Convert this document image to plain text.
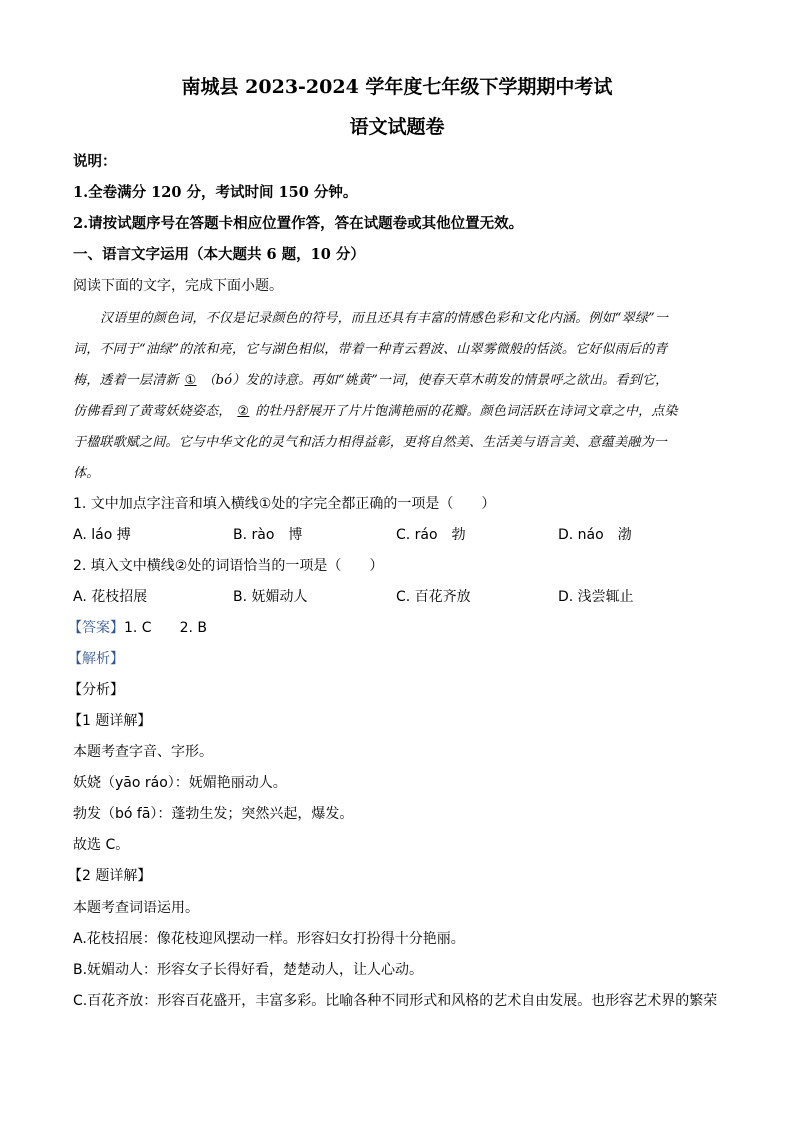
南城县 2023-2024 学年度七年级下学期期中考试
语文试题卷
说明：
1.全卷满分 120 分，考试时间 150 分钟。
2.请按试题序号在答题卡相应位置作答，答在试题卷或其他位置无效。
一、语言文字运用（本大题共 6 题，10 分）
阅读下面的文字，完成下面小题。
汉语里的颜色词，不仅是记录颜色的符号，而且还具有丰富的情感色彩和文化内涵。例如“翠绿”一
词，不同于“油绿”的浓和亮，它与湖色相似，带着一种青云碧波、山翠雾微般的恬淡。它好似雨后的青
梅，透着一层清新 ① （bó）发的诗意。再如“姚黄”一词，使春天草木萌发的情景呼之欲出。看到它，
仿佛看到了黄莺妖娆姿态， ② 的牡丹舒展开了片片饱满艳丽的花瓣。颜色词活跃在诗词文章之中，点染
于楹联歌赋之间。它与中华文化的灵气和活力相得益彰，更将自然美、生活美与语言美、意蕴美融为一
体。
1. 文中加点字注音和填入横线①处的字完全都正确的一项是（　　）
A. láo 搏	B. rào　博	C. ráo　勃	D. náo　渤
2. 填入文中横线②处的词语恰当的一项是（　　）
A. 花枝招展	B. 妩媚动人	C. 百花齐放	D. 浅尝辄止
【答案】1. C 2. B
【解析】
【分析】
【1 题详解】
本题考查字音、字形。
妖娆（yāo ráo）：妩媚艳丽动人。
勃发（bó fā）：蓬勃生发；突然兴起，爆发。
故选 C。
【2 题详解】
本题考查词语运用。
A.花枝招展：像花枝迎风摆动一样。形容妇女打扮得十分艳丽。
B.妩媚动人：形容女子长得好看，楚楚动人，让人心动。
C.百花齐放：形容百花盛开，丰富多彩。比喻各种不同形式和风格的艺术自由发展。也形容艺术界的繁荣
